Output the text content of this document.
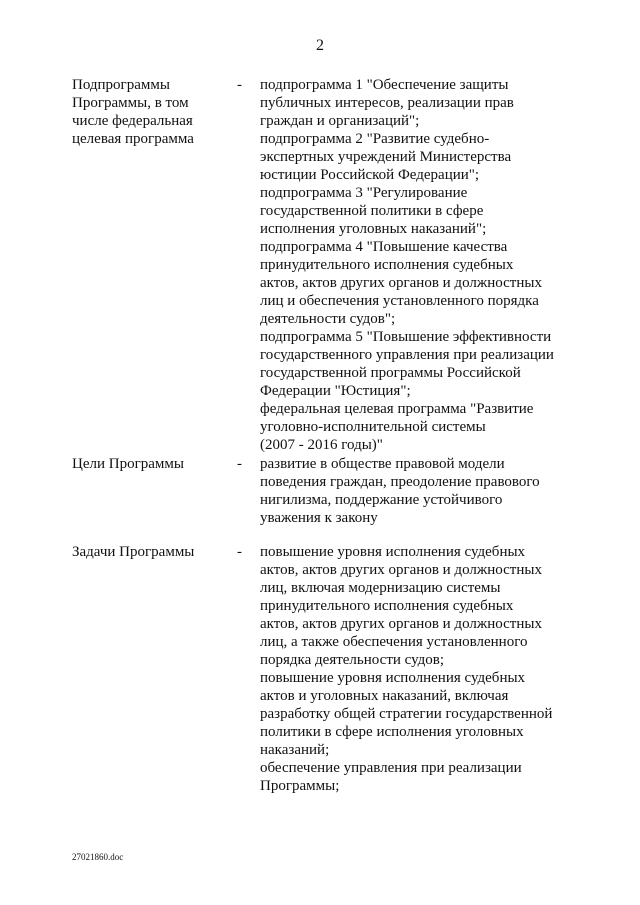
2
Подпрограммы
Программы, в том
числе федеральная
целевая программа
-	подпрограмма 1 "Обеспечение защиты
публичных интересов, реализации прав
граждан и организаций";
подпрограмма 2 "Развитие судебно-
экспертных учреждений Министерства
юстиции Российской Федерации";
подпрограмма 3 "Регулирование
государственной политики в сфере
исполнения уголовных наказаний";
подпрограмма 4 "Повышение качества
принудительного исполнения судебных
актов, актов других органов и должностных
лиц и обеспечения установленного порядка
деятельности судов";
подпрограмма 5 "Повышение эффективности
государственного управления при реализации
государственной программы Российской
Федерации "Юстиция";
федеральная целевая программа "Развитие
уголовно-исполнительной системы
(2007 - 2016 годы)"
Цели Программы	-	развитие в обществе правовой модели
поведения граждан, преодоление правового
нигилизма, поддержание устойчивого
уважения к закону
Задачи Программы	-	повышение уровня исполнения судебных
актов, актов других органов и должностных
лиц, включая модернизацию системы
принудительного исполнения судебных
актов, актов других органов и должностных
лиц, а также обеспечения установленного
порядка деятельности судов;
повышение уровня исполнения судебных
актов и уголовных наказаний, включая
разработку общей стратегии государственной
политики в сфере исполнения уголовных
наказаний;
обеспечение управления при реализации
Программы;
27021860.doc
